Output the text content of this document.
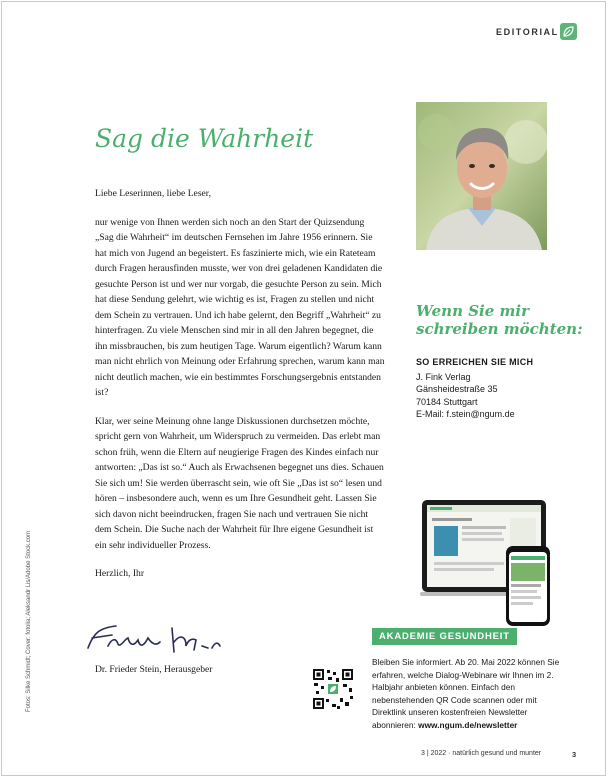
EDITORIAL
Sag die Wahrheit

Liebe Leserinnen, liebe Leser,

nur wenige von Ihnen werden sich noch an den Start der Quizsendung „Sag die Wahrheit“ im deutschen Fernsehen im Jahre 1956 erinnern. Sie hat mich von Jugend an begeistert. Es faszinierte mich, wie ein Rateteam durch Fragen herausfinden musste, wer von drei geladenen Kandidaten die gesuchte Person ist und wer nur vorgab, die gesuchte Person zu sein. Mich hat diese Sendung gelehrt, wie wichtig es ist, Fragen zu stellen und nicht dem Schein zu vertrauen. Und ich habe gelernt, den Begriff „Wahrheit“ zu hinterfragen. Zu viele Menschen sind mir in all den Jahren begegnet, die ihn missbrauchen, bis zum heutigen Tage. Warum eigentlich? Warum kann man nicht ehrlich von Meinung oder Erfahrung sprechen, warum kann man nicht deutlich machen, wie ein bestimmtes Forschungsergebnis entstanden ist?

Klar, wer seine Meinung ohne lange Diskussionen durchsetzen möchte, spricht gern von Wahrheit, um Widerspruch zu vermeiden. Das erlebt man schon früh, wenn die Eltern auf neugierige Fragen des Kindes einfach nur antworten: „Das ist so.“ Auch als Erwachsenen begegnet uns dies. Schauen Sie sich um! Sie werden überrascht sein, wie oft Sie „Das ist so“ lesen und hören – insbesondere auch, wenn es um Ihre Gesundheit geht. Lassen Sie sich davon nicht beeindrucken, fragen Sie nach und vertrauen Sie nicht dem Schein. Die Suche nach der Wahrheit für Ihre eigene Gesundheit ist ein sehr individueller Prozess.

Herzlich, Ihr

Dr. Frieder Stein, Herausgeber
Fotos: Silke Schmidt; Cover: fotolia; Aleksandr Lis/Adobe Stock.com
Wenn Sie mir
schreiben möchten:
SO ERREICHEN SIE MICH
J. Fink Verlag
Gänsheidestraße 35
70184 Stuttgart
E-Mail: f.stein@ngum.de
AKADEMIE GESUNDHEIT
Bleiben Sie informiert. Ab 20. Mai 2022 können Sie erfahren, welche Dialog-Webinare wir Ihnen im 2. Halbjahr anbieten können. Einfach den nebenstehenden QR Code scannen oder mit Direktlink unseren kostenfreien Newsletter abonnieren: www.ngum.de/newsletter
3 | 2022 · natürlich gesund und munter	3
